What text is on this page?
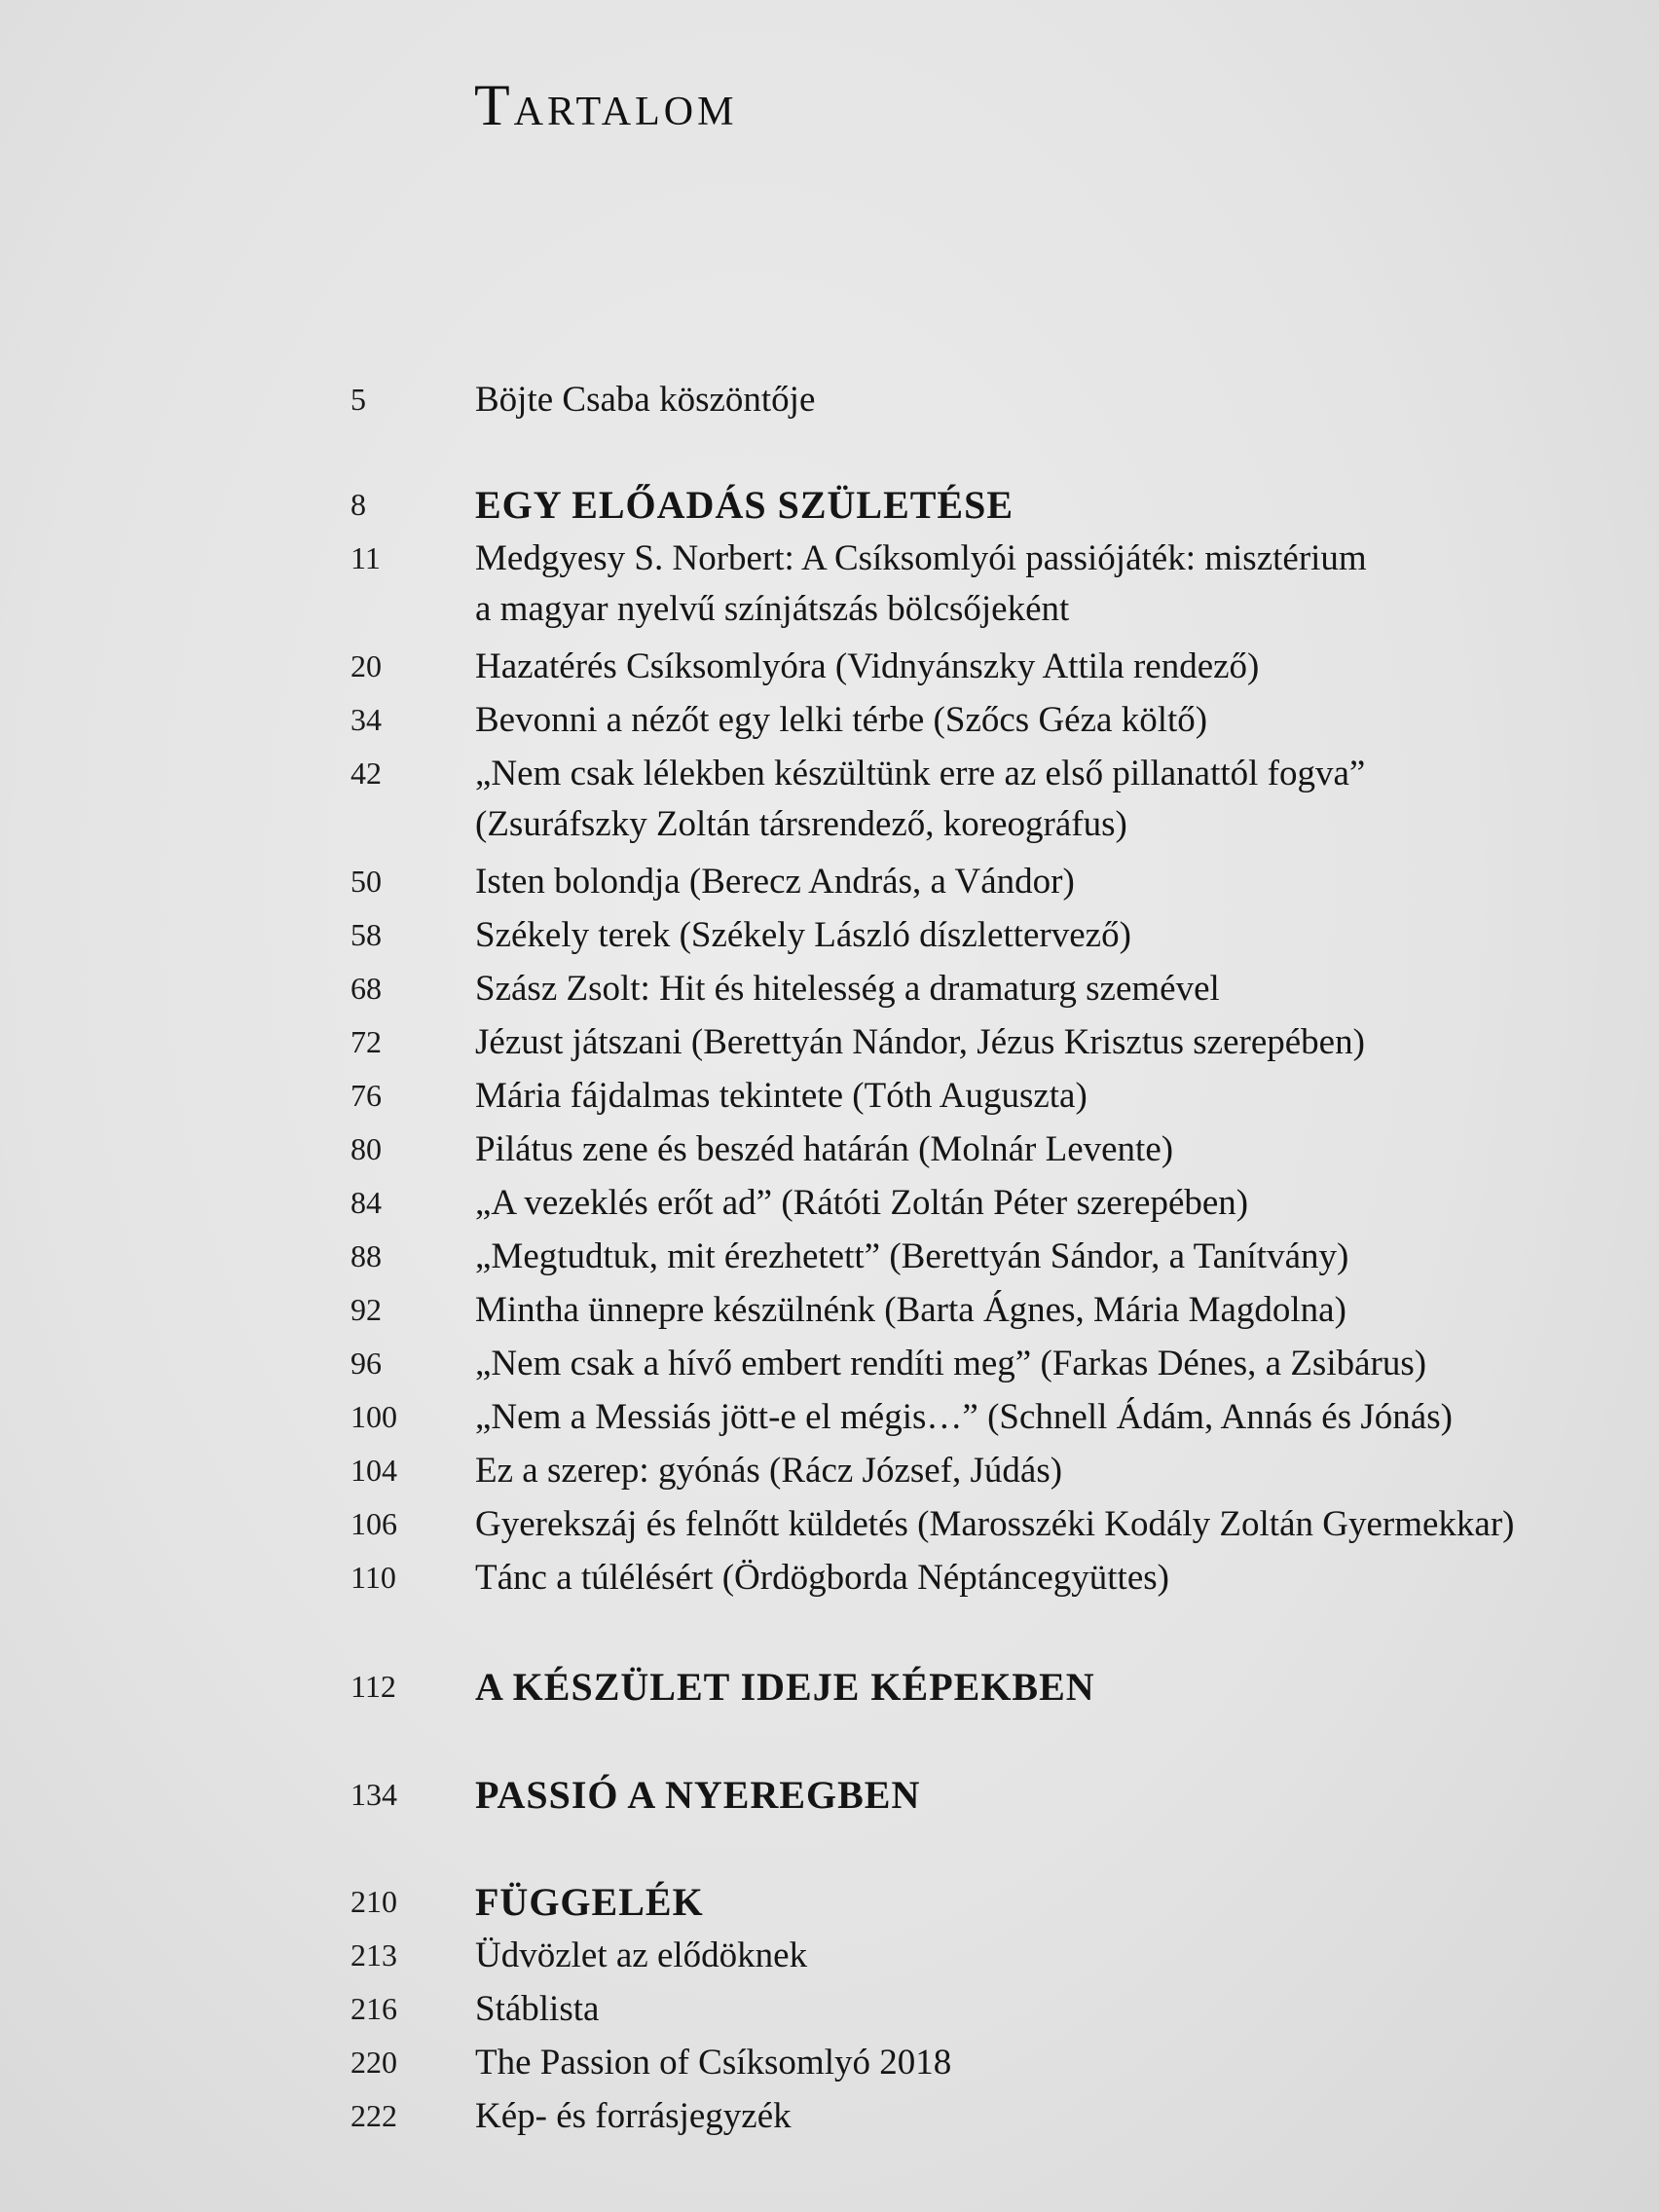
Tartalom
5	Böjte Csaba köszöntője
8	EGY ELŐADÁS SZÜLETÉSE
11	Medgyesy S. Norbert: A Csíksomlyói passiójáték: misztérium
a magyar nyelvű színjátszás bölcsőjeként
20	Hazatérés Csíksomlyóra (Vidnyánszky Attila rendező)
34	Bevonni a nézőt egy lelki térbe (Szőcs Géza költő)
42	„Nem csak lélekben készültünk erre az első pillanattól fogva”
(Zsuráfszky Zoltán társrendező, koreográfus)
50	Isten bolondja (Berecz András, a Vándor)
58	Székely terek (Székely László díszlettervező)
68	Szász Zsolt: Hit és hitelesség a dramaturg szemével
72	Jézust játszani (Berettyán Nándor, Jézus Krisztus szerepében)
76	Mária fájdalmas tekintete (Tóth Auguszta)
80	Pilátus zene és beszéd határán (Molnár Levente)
84	„A vezeklés erőt ad” (Rátóti Zoltán Péter szerepében)
88	„Megtudtuk, mit érezhetett” (Berettyán Sándor, a Tanítvány)
92	Mintha ünnepre készülnénk (Barta Ágnes, Mária Magdolna)
96	„Nem csak a hívő embert rendíti meg” (Farkas Dénes, a Zsibárus)
100 „Nem a Messiás jött-e el mégis…” (Schnell Ádám, Annás és Jónás)
104 Ez a szerep: gyónás (Rácz József, Júdás)
106 Gyerekszáj és felnőtt küldetés (Marosszéki Kodály Zoltán Gyermekkar)
110 Tánc a túlélésért (Ördögborda Néptáncegyüttes)
112 A KÉSZÜLET IDEJE KÉPEKBEN
134 PASSIÓ A NYEREGBEN
210 FÜGGELÉK
213 Üdvözlet az elődöknek
216 Stáblista
220 The Passion of Csíksomlyó 2018
222 Kép- és forrásjegyzék
